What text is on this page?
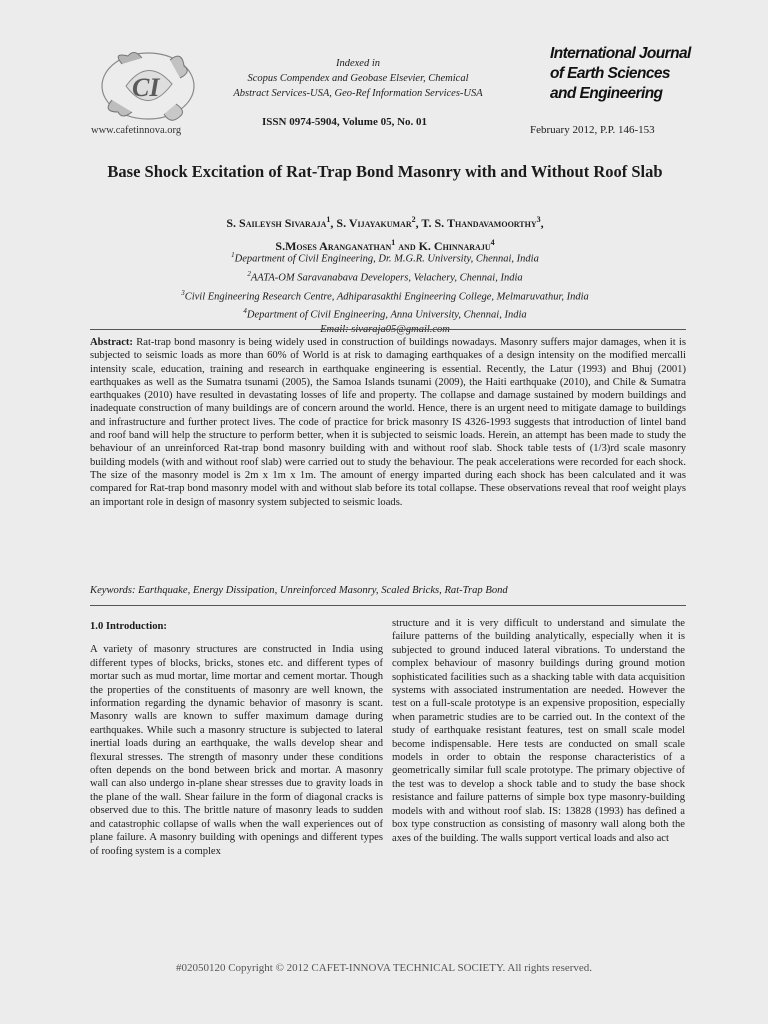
CI
www.cafetinnova.org
Indexed in
Scopus Compendex and Geobase Elsevier, Chemical
Abstract Services-USA, Geo-Ref Information Services-USA
ISSN 0974-5904, Volume 05, No. 01
International Journal
of Earth Sciences
and Engineering
February 2012, P.P. 146-153
Base Shock Excitation of Rat-Trap Bond Masonry with and Without Roof Slab
S. Saileysh Sivaraja$^1$, S. Vijayakumar$^2$, T. S. Thandavamoorthy$^3$,
S.Moses Aranganathan$^1$ and K. Chinnaraju$^4$
$^1$Department of Civil Engineering, Dr. M.G.R. University, Chennai, India
$^2$AATA-OM Saravanabava Developers, Velachery, Chennai, India
$^3$Civil Engineering Research Centre, Adhiparasakthi Engineering College, Melmaruvathur, India
$^4$Department of Civil Engineering, Anna University, Chennai, India
Abstract: Rat-trap bond masonry is being widely used in construction of buildings nowadays. Masonry suffers major damages, when it is subjected to seismic loads as more than 60% of World is at risk to damaging earthquakes of a design intensity on the modified mercalli intensity scale, education, training and research in earthquake engineering is essential. Recently, the Latur (1993) and Bhuj (2001) earthquakes as well as the Sumatra tsunami (2005), the Samoa Islands tsunami (2009), the Haiti earthquake (2010), and Chile & Sumatra earthquakes (2010) have resulted in devastating losses of life and property. The collapse and damage sustained by modern buildings and inadequate construction of many buildings are of concern around the world. Hence, there is an urgent need to mitigate damage to buildings and infrastructure and further protect lives. The code of practice for brick masonry IS 4326-1993 suggests that introduction of lintel band and roof band will help the structure to perform better, when it is subjected to seismic loads. Herein, an attempt has been made to study the behaviour of an unreinforced Rat-trap bond masonry building with and without roof slab. Shock table tests of (1/3)rd scale masonry building models (with and without roof slab) were carried out to study the behaviour. The peak accelerations were recorded for each shock. The size of the masonry model is 2m x 1m x 1m. The amount of energy imparted during each shock has been calculated and it was compared for Rat-trap bond masonry model with and without slab before its total collapse. These observations reveal that roof weight plays an important role in design of masonry system subjected to seismic loads.
Keywords: Earthquake, Energy Dissipation, Unreinforced Masonry, Scaled Bricks, Rat-Trap Bond
1.0 Introduction:
A variety of masonry structures are constructed in India using different types of blocks, bricks, stones etc. and different types of mortar such as mud mortar, lime mortar and cement mortar. Though the properties of the constituents of masonry are well known, the information regarding the dynamic behavior of masonry is scant. Masonry walls are known to suffer maximum damage during earthquakes. While such a masonry structure is subjected to lateral inertial loads during an earthquake, the walls develop shear and flexural stresses. The strength of masonry under these conditions often depends on the bond between brick and mortar. A masonry wall can also undergo in-plane shear stresses due to gravity loads in the plane of the wall. Shear failure in the form of diagonal cracks is observed due to this. The brittle nature of masonry leads to sudden and catastrophic collapse of walls when the wall experiences out of plane failure. A masonry building with openings and different types of roofing system is a complex
structure and it is very difficult to understand and simulate the failure patterns of the building analytically, especially when it is subjected to ground induced lateral vibrations. To understand the complex behaviour of masonry buildings during ground motion sophisticated facilities such as a shacking table with data acquisition systems with associated instrumentation are needed. However the test on a full-scale prototype is an expensive proposition, especially when parametric studies are to be carried out. In the context of the study of earthquake resistant features, test on small scale model become indispensable. Here tests are conducted on small scale models in order to obtain the response characteristics of a geometrically similar full scale prototype. The primary objective of the test was to develop a shock table and to study the base shock resistance and failure patterns of simple box type masonry-building models with and without roof slab. IS: 13828 (1993) has defined a box type construction as consisting of masonry wall along both the axes of the building. The walls support vertical loads and also act
#02050120 Copyright © 2012 CAFET-INNOVA TECHNICAL SOCIETY. All rights reserved.
